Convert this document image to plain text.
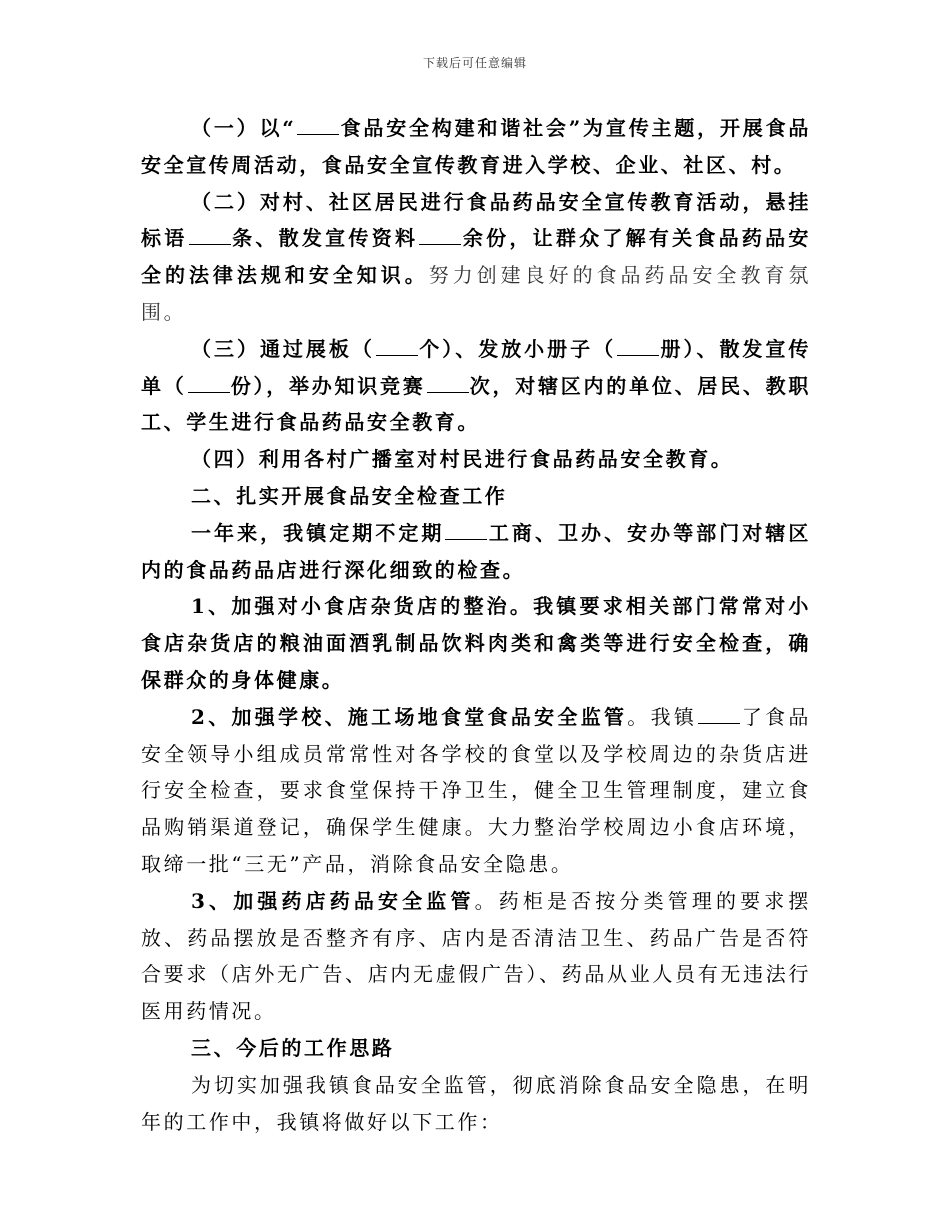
下载后可任意编辑

（一）以“ 食品安全构建和谐社会”为宣传主题，开展食品安全宣传周活动，食品安全宣传教育进入学校、企业、社区、村。

（二）对村、社区居民进行食品药品安全宣传教育活动，悬挂标语 条、散发宣传资料 余份，让群众了解有关食品药品安全的法律法规和安全知识。努力创建良好的食品药品安全教育氛围。

（三）通过展板（ 个）、发放小册子（ 册）、散发宣传单（ 份），举办知识竞赛 次，对辖区内的单位、居民、教职工、学生进行食品药品安全教育。

（四）利用各村广播室对村民进行食品药品安全教育。

二、扎实开展食品安全检查工作

一年来，我镇定期不定期 工商、卫办、安办等部门对辖区内的食品药品店进行深化细致的检查。

1、加强对小食店杂货店的整治。我镇要求相关部门常常对小食店杂货店的粮油面酒乳制品饮料肉类和禽类等进行安全检查，确保群众的身体健康。

2、加强学校、施工场地食堂食品安全监管。我镇 了食品安全领导小组成员常常性对各学校的食堂以及学校周边的杂货店进行安全检查，要求食堂保持干净卫生，健全卫生管理制度，建立食品购销渠道登记，确保学生健康。大力整治学校周边小食店环境，取缔一批“三无”产品，消除食品安全隐患。

3、加强药店药品安全监管。药柜是否按分类管理的要求摆放、药品摆放是否整齐有序、店内是否清洁卫生、药品广告是否符合要求（店外无广告、店内无虚假广告）、药品从业人员有无违法行医用药情况。

三、今后的工作思路

为切实加强我镇食品安全监管，彻底消除食品安全隐患，在明年的工作中，我镇将做好以下工作：
